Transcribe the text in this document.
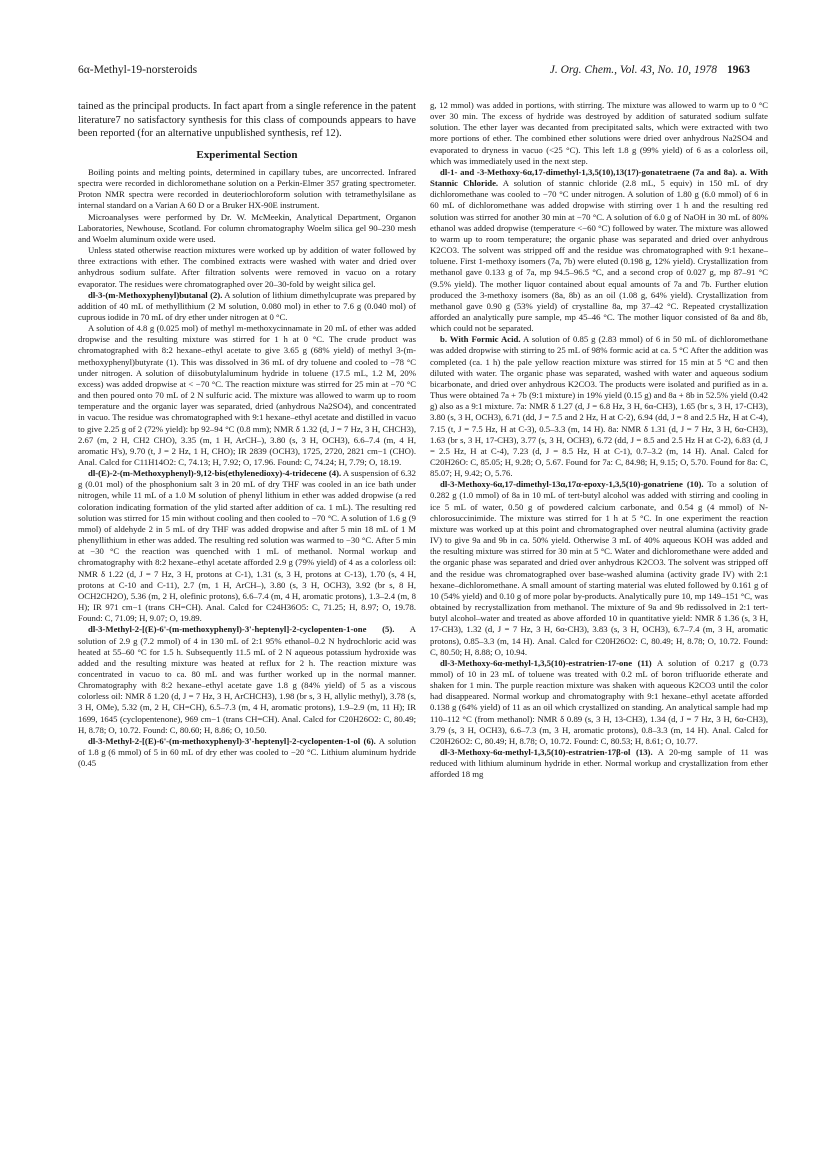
6α-Methyl-19-norsteroids	J. Org. Chem., Vol. 43, No. 10, 1978 1963

tained as the principal products. In fact apart from a single reference in the patent literature7 no satisfactory synthesis for this class of compounds appears to have been reported (for an alternative unpublished synthesis, ref 12).

Experimental Section

Boiling points and melting points, determined in capillary tubes, are uncorrected. Infrared spectra were recorded in dichloromethane solution on a Perkin-Elmer 357 grating spectrometer. Proton NMR spectra were recorded in deuteriochloroform solution with tetramethylsilane as internal standard on a Varian A 60 D or a Bruker HX-90E instrument.

Microanalyses were performed by Dr. W. McMeekin, Analytical Department, Organon Laboratories, Newhouse, Scotland. For column chromatography Woelm silica gel 90–230 mesh and Woelm aluminum oxide were used.

Unless stated otherwise reaction mixtures were worked up by addition of water followed by three extractions with ether. The combined extracts were washed with water and dried over anhydrous sodium sulfate. After filtration solvents were removed in vacuo on a rotary evaporator. The residues were chromatographed over 20–30-fold by weight silica gel.

dl-3-(m-Methoxyphenyl)butanal (2). A solution of lithium dimethylcuprate was prepared by addition of 40 mL of methyllithium (2 M solution, 0.080 mol) in ether to 7.6 g (0.040 mol) of cuprous iodide in 70 mL of dry ether under nitrogen at 0 °C.

A solution of 4.8 g (0.025 mol) of methyl m-methoxycinnamate in 20 mL of ether was added dropwise and the resulting mixture was stirred for 1 h at 0 °C. The crude product was chromatographed with 8:2 hexane–ethyl acetate to give 3.65 g (68% yield) of methyl 3-(m-methoxyphenyl)butyrate (1). This was dissolved in 36 mL of dry toluene and cooled to −78 °C under nitrogen. A solution of diisobutylaluminum hydride in toluene (17.5 mL, 1.2 M, 20% excess) was added dropwise at < −70 °C. The reaction mixture was stirred for 25 min at −70 °C and then poured onto 70 mL of 2 N sulfuric acid. The mixture was allowed to warm up to room temperature and the organic layer was separated, dried (anhydrous Na2SO4), and concentrated in vacuo. The residue was chromatographed with 9:1 hexane–ethyl acetate and distilled in vacuo to give 2.25 g of 2 (72% yield): bp 92–94 °C (0.8 mm); NMR δ 1.32 (d, J = 7 Hz, 3 H, CHCH3), 2.67 (m, 2 H, CH2 CHO), 3.35 (m, 1 H, ArCH–), 3.80 (s, 3 H, OCH3), 6.6–7.4 (m, 4 H, aromatic H's), 9.70 (t, J = 2 Hz, 1 H, CHO); IR 2839 (OCH3), 1725, 2720, 2821 cm−1 (CHO). Anal. Calcd for C11H14O2: C, 74.13; H, 7.92; O, 17.96. Found: C, 74.24; H, 7.79; O, 18.19.

dl-(E)-2-(m-Methoxyphenyl)-9,12-bis(ethylenedioxy)-4-tridecene (4). A suspension of 6.32 g (0.01 mol) of the phosphonium salt 3 in 20 mL of dry THF was cooled in an ice bath under nitrogen, while 11 mL of a 1.0 M solution of phenyl lithium in ether was added dropwise (a red coloration indicating formation of the ylid started after addition of ca. 1 mL). The resulting red solution was stirred for 15 min without cooling and then cooled to −70 °C. A solution of 1.6 g (9 mmol) of aldehyde 2 in 5 mL of dry THF was added dropwise and after 5 min 18 mL of 1 M phenyllithium in ether was added. The resulting red solution was warmed to −30 °C. After 5 min at −30 °C the reaction was quenched with 1 mL of methanol. Normal workup and chromatography with 8:2 hexane–ethyl acetate afforded 2.9 g (79% yield) of 4 as a colorless oil: NMR δ 1.22 (d, J = 7 Hz, 3 H, protons at C-1), 1.31 (s, 3 H, protons at C-13), 1.70 (s, 4 H, protons at C-10 and C-11), 2.7 (m, 1 H, ArCH–), 3.80 (s, 3 H, OCH3), 3.92 (br s, 8 H, OCH2CH2O), 5.36 (m, 2 H, olefinic protons), 6.6–7.4 (m, 4 H, aromatic protons), 1.3–2.4 (m, 8 H); IR 971 cm−1 (trans CH=CH). Anal. Calcd for C24H36O5: C, 71.25; H, 8.97; O, 19.78. Found: C, 71.09; H, 9.07; O, 19.89.

dl-3-Methyl-2-[(E)-6'-(m-methoxyphenyl)-3'-heptenyl]-2-cyclopenten-1-one (5). A solution of 2.9 g (7.2 mmol) of 4 in 130 mL of 2:1 95% ethanol–0.2 N hydrochloric acid was heated at 55–60 °C for 1.5 h. Subsequently 11.5 mL of 2 N aqueous potassium hydroxide was added and the resulting mixture was heated at reflux for 2 h. The reaction mixture was concentrated in vacuo to ca. 80 mL and was further worked up in the normal manner. Chromatography with 8:2 hexane–ethyl acetate gave 1.8 g (84% yield) of 5 as a viscous colorless oil: NMR δ 1.20 (d, J = 7 Hz, 3 H, ArCHCH3), 1.98 (br s, 3 H, allylic methyl), 3.78 (s, 3 H, OMe), 5.32 (m, 2 H, CH=CH), 6.5–7.3 (m, 4 H, aromatic protons), 1.9–2.9 (m, 11 H); IR 1699, 1645 (cyclopentenone), 969 cm−1 (trans CH=CH). Anal. Calcd for C20H26O2: C, 80.49; H, 8.78; O, 10.72. Found: C, 80.60; H, 8.86; O, 10.50.

dl-3-Methyl-2-[(E)-6'-(m-methoxyphenyl)-3'-heptenyl]-2-cyclopenten-1-ol (6). A solution of 1.8 g (6 mmol) of 5 in 60 mL of dry ether was cooled to −20 °C. Lithium aluminum hydride (0.45

g, 12 mmol) was added in portions, with stirring. The mixture was allowed to warm up to 0 °C over 30 min. The excess of hydride was destroyed by addition of saturated sodium sulfate solution. The ether layer was decanted from precipitated salts, which were extracted with two more portions of ether. The combined ether solutions were dried over anhydrous Na2SO4 and evaporated to dryness in vacuo (<25 °C). This left 1.8 g (99% yield) of 6 as a colorless oil, which was immediately used in the next step.

dl-1- and -3-Methoxy-6α,17-dimethyl-1,3,5(10),13(17)-gonatetraene (7a and 8a). a. With Stannic Chloride. A solution of stannic chloride (2.8 mL, 5 equiv) in 150 mL of dry dichloromethane was cooled to −70 °C under nitrogen. A solution of 1.80 g (6.0 mmol) of 6 in 60 mL of dichloromethane was added dropwise with stirring over 1 h and the resulting red solution was stirred for another 30 min at −70 °C. A solution of 6.0 g of NaOH in 30 mL of 80% ethanol was added dropwise (temperature <−60 °C) followed by water. The mixture was allowed to warm up to room temperature; the organic phase was separated and dried over anhydrous K2CO3. The solvent was stripped off and the residue was chromatographed with 9:1 hexane–toluene. First 1-methoxy isomers (7a, 7b) were eluted (0.198 g, 12% yield). Crystallization from methanol gave 0.133 g of 7a, mp 94.5–96.5 °C, and a second crop of 0.027 g, mp 87–91 °C (9.5% yield). The mother liquor contained about equal amounts of 7a and 7b. Further elution produced the 3-methoxy isomers (8a, 8b) as an oil (1.08 g, 64% yield). Crystallization from methanol gave 0.90 g (53% yield) of crystalline 8a, mp 37–42 °C. Repeated crystallization afforded an analytically pure sample, mp 45–46 °C. The mother liquor consisted of 8a and 8b, which could not be separated.

b. With Formic Acid. A solution of 0.85 g (2.83 mmol) of 6 in 50 mL of dichloromethane was added dropwise with stirring to 25 mL of 98% formic acid at ca. 5 °C After the addition was completed (ca. 1 h) the pale yellow reaction mixture was stirred for 15 min at 5 °C and then diluted with water. The organic phase was separated, washed with water and aqueous sodium bicarbonate, and dried over anhydrous K2CO3. The products were isolated and purified as in a. Thus were obtained 7a + 7b (9:1 mixture) in 19% yield (0.15 g) and 8a + 8b in 52.5% yield (0.42 g) also as a 9:1 mixture. 7a: NMR δ 1.27 (d, J = 6.8 Hz, 3 H, 6α-CH3), 1.65 (br s, 3 H, 17-CH3), 3.80 (s, 3 H, OCH3), 6.71 (dd, J = 7.5 and 2 Hz, H at C-2), 6.94 (dd, J = 8 and 2.5 Hz, H at C-4), 7.15 (t, J = 7.5 Hz, H at C-3), 0.5–3.3 (m, 14 H). 8a: NMR δ 1.31 (d, J = 7 Hz, 3 H, 6α-CH3), 1.63 (br s, 3 H, 17-CH3), 3.77 (s, 3 H, OCH3), 6.72 (dd, J = 8.5 and 2.5 Hz H at C-2), 6.83 (d, J = 2.5 Hz, H at C-4), 7.23 (d, J = 8.5 Hz, H at C-1), 0.7–3.2 (m, 14 H). Anal. Calcd for C20H26O: C, 85.05; H, 9.28; O, 5.67. Found for 7a: C, 84.98; H, 9.15; O, 5.70. Found for 8a: C, 85.07; H, 9.42; O, 5.76.

dl-3-Methoxy-6α,17-dimethyl-13α,17α-epoxy-1,3,5(10)-gonatriene (10). To a solution of 0.282 g (1.0 mmol) of 8a in 10 mL of tert-butyl alcohol was added with stirring and cooling in ice 5 mL of water, 0.50 g of powdered calcium carbonate, and 0.54 g (4 mmol) of N-chlorosuccinimide. The mixture was stirred for 1 h at 5 °C. In one experiment the reaction mixture was worked up at this point and chromatographed over neutral alumina (activity grade IV) to give 9a and 9b in ca. 50% yield. Otherwise 3 mL of 40% aqueous KOH was added and the resulting mixture was stirred for 30 min at 5 °C. Water and dichloromethane were added and the organic phase was separated and dried over anhydrous K2CO3. The solvent was stripped off and the residue was chromatographed over base-washed alumina (activity grade IV) with 2:1 hexane–dichloromethane. A small amount of starting material was eluted followed by 0.161 g of 10 (54% yield) and 0.10 g of more polar by-products. Analytically pure 10, mp 149–151 °C, was obtained by recrystallization from methanol. The mixture of 9a and 9b redissolved in 2:1 tert-butyl alcohol–water and treated as above afforded 10 in quantitative yield: NMR δ 1.36 (s, 3 H, 17-CH3), 1.32 (d, J = 7 Hz, 3 H, 6α-CH3), 3.83 (s, 3 H, OCH3), 6.7–7.4 (m, 3 H, aromatic protons), 0.85–3.3 (m, 14 H). Anal. Calcd for C20H26O2: C, 80.49; H, 8.78; O, 10.72. Found: C, 80.50; H, 8.88; O, 10.94.

dl-3-Methoxy-6α-methyl-1,3,5(10)-estratrien-17-one (11) A solution of 0.217 g (0.73 mmol) of 10 in 23 mL of toluene was treated with 0.2 mL of boron trifluoride etherate and shaken for 1 min. The purple reaction mixture was shaken with aqueous K2CO3 until the color had disappeared. Normal workup and chromatography with 9:1 hexane–ethyl acetate afforded 0.138 g (64% yield) of 11 as an oil which crystallized on standing. An analytical sample had mp 110–112 °C (from methanol): NMR δ 0.89 (s, 3 H, 13-CH3), 1.34 (d, J = 7 Hz, 3 H, 6α-CH3), 3.79 (s, 3 H, OCH3), 6.6–7.3 (m, 3 H, aromatic protons), 0.8–3.3 (m, 14 H). Anal. Calcd for C20H26O2: C, 80.49; H, 8.78; O, 10.72. Found: C, 80.53; H, 8.61; O, 10.77.

dl-3-Methoxy-6α-methyl-1,3,5(10)-estratrien-17β-ol (13). A 20-mg sample of 11 was reduced with lithium aluminum hydride in ether. Normal workup and crystallization from ether afforded 18 mg
